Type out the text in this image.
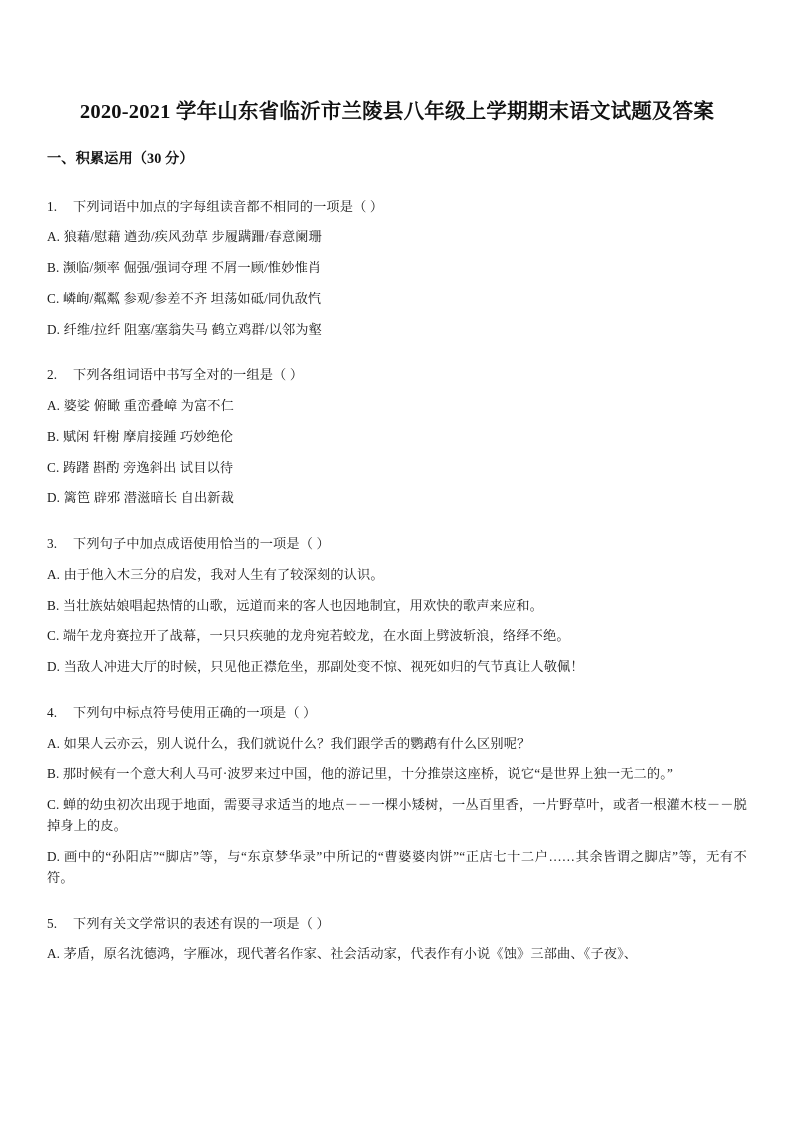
2020-2021 学年山东省临沂市兰陵县八年级上学期期末语文试题及答案
一、积累运用（30 分）

1. 下列词语中加点的字每组读音都不相同的一项是（ ）

A. 狼藉/慰藉 遒劲/疾风劲草 步履蹒跚/春意阑珊

B. 濒临/频率 倔强/强词夺理 不屑一顾/惟妙惟肖

C. 嶙峋/粼粼 参观/参差不齐 坦荡如砥/同仇敌忾

D. 纤维/拉纤 阻塞/塞翁失马 鹤立鸡群/以邻为壑

2. 下列各组词语中书写全对的一组是（ ）

A. 婆娑 俯瞰 重峦叠嶂 为富不仁

B. 赋闲 轩榭 摩肩接踵 巧妙绝伦

C. 踌躇 斟酌 旁逸斜出 试目以待

D. 篱笆 辟邪 潜滋暗长 自出新裁

3. 下列句子中加点成语使用恰当的一项是（ ）

A. 由于他入木三分的启发，我对人生有了较深刻的认识。

B. 当壮族姑娘唱起热情的山歌，远道而来的客人也因地制宜，用欢快的歌声来应和。

C. 端午龙舟赛拉开了战幕，一只只疾驰的龙舟宛若蛟龙，在水面上劈波斩浪，络绎不绝。

D. 当敌人冲进大厅的时候，只见他正襟危坐，那副处变不惊、视死如归的气节真让人敬佩！

4. 下列句中标点符号使用正确的一项是（ ）

A. 如果人云亦云，别人说什么，我们就说什么？我们跟学舌的鹦鹉有什么区别呢？

B. 那时候有一个意大利人马可·波罗来过中国，他的游记里，十分推崇这座桥，说它“是世界上独一无二的。”

C. 蝉的幼虫初次出现于地面，需要寻求适当的地点－－一棵小矮树，一丛百里香，一片野草叶，或者一根灌木枝－－脱掉身上的皮。

D. 画中的“孙阳店”“脚店”等，与“东京梦华录”中所记的“曹婆婆肉饼”“正店七十二户……其余皆谓之脚店”等，无有不符。

5. 下列有关文学常识的表述有误的一项是（ ）

A. 茅盾，原名沈德鸿，字雁冰，现代著名作家、社会活动家，代表作有小说《蚀》三部曲、《子夜》、
